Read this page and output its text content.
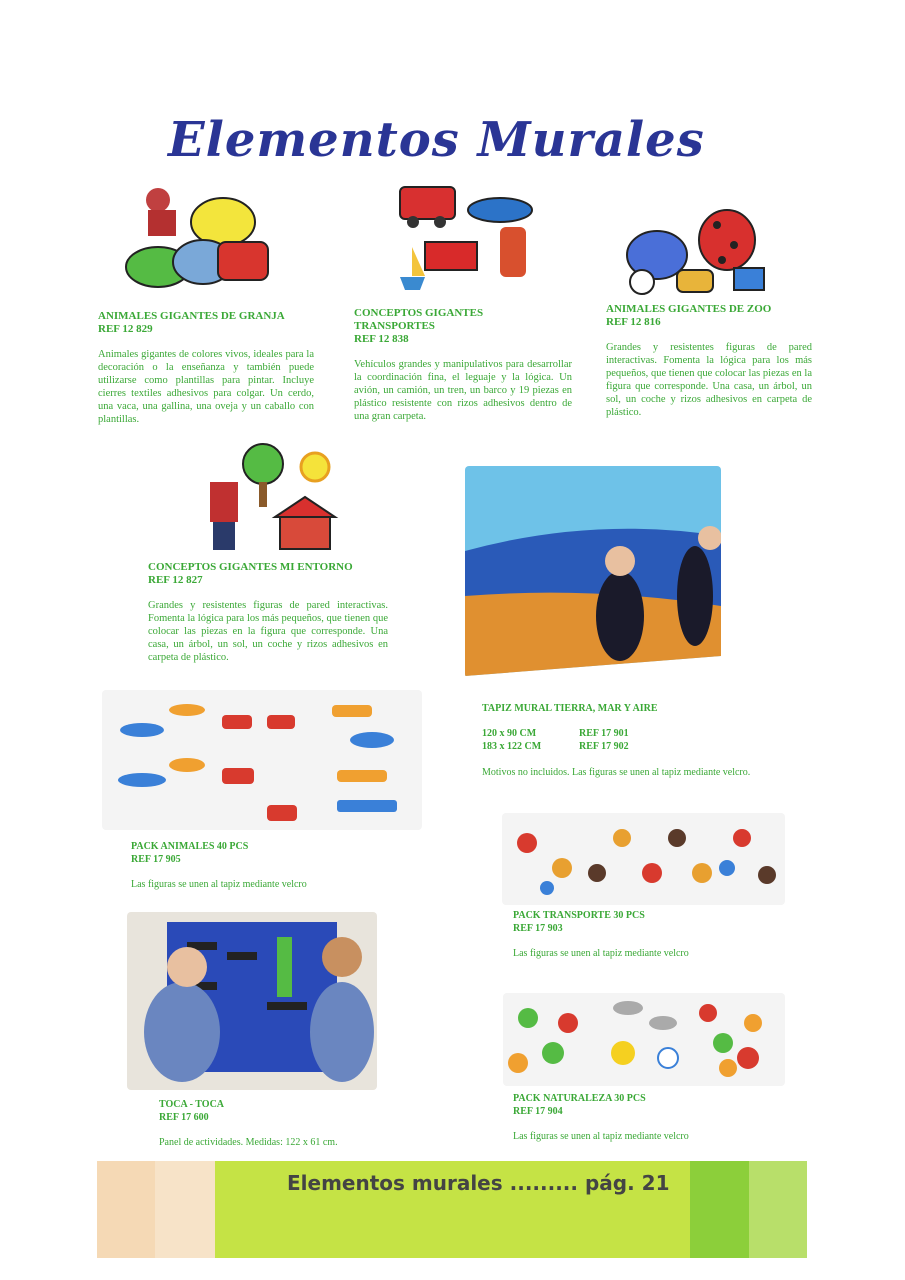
Elementos Murales
ANIMALES GIGANTES DE GRANJA
REF 12 829
Animales gigantes de colores vivos, ideales para la decoración o la enseñanza y también puede utilizarse como plantillas para pintar. Incluye cierres textiles adhesivos para colgar. Un cerdo, una vaca, una gallina, una oveja y un caballo con plantillas.
CONCEPTOS GIGANTES TRANSPORTES
REF 12 838
Vehículos grandes y manipulativos para desarrollar la coordinación fina, el leguaje y la lógica. Un avión, un camión, un tren, un barco y 19 piezas en plástico resistente con rizos adhesivos dentro de una gran carpeta.
ANIMALES GIGANTES DE ZOO
REF 12 816
Grandes y resistentes figuras de pared interactivas. Fomenta la lógica para los más pequeños, que tienen que colocar las piezas en la figura que corresponde. Una casa, un árbol, un sol, un coche y rizos adhesivos en carpeta de plástico.
CONCEPTOS GIGANTES MI ENTORNO
REF 12 827
Grandes y resistentes figuras de pared interactivas. Fomenta la lógica para los más pequeños, que tienen que colocar las piezas en la figura que corresponde. Una casa, un árbol, un sol, un coche y rizos adhesivos en carpeta de plástico.
TAPIZ MURAL TIERRA, MAR Y AIRE
120 x 90 CM	REF 17 901
183 x 122 CM	REF 17 902
Motivos no incluidos. Las figuras se unen al tapiz mediante velcro.
PACK ANIMALES 40 PCS
REF 17 905
Las figuras se unen al tapiz mediante velcro
PACK TRANSPORTE 30 PCS
REF 17 903
Las figuras se unen al tapiz mediante velcro
TOCA - TOCA
REF 17 600
Panel de actividades. Medidas: 122 x 61 cm.
PACK NATURALEZA 30 PCS
REF 17 904
Las figuras se unen al tapiz mediante velcro
Elementos murales ......... pág. 21
